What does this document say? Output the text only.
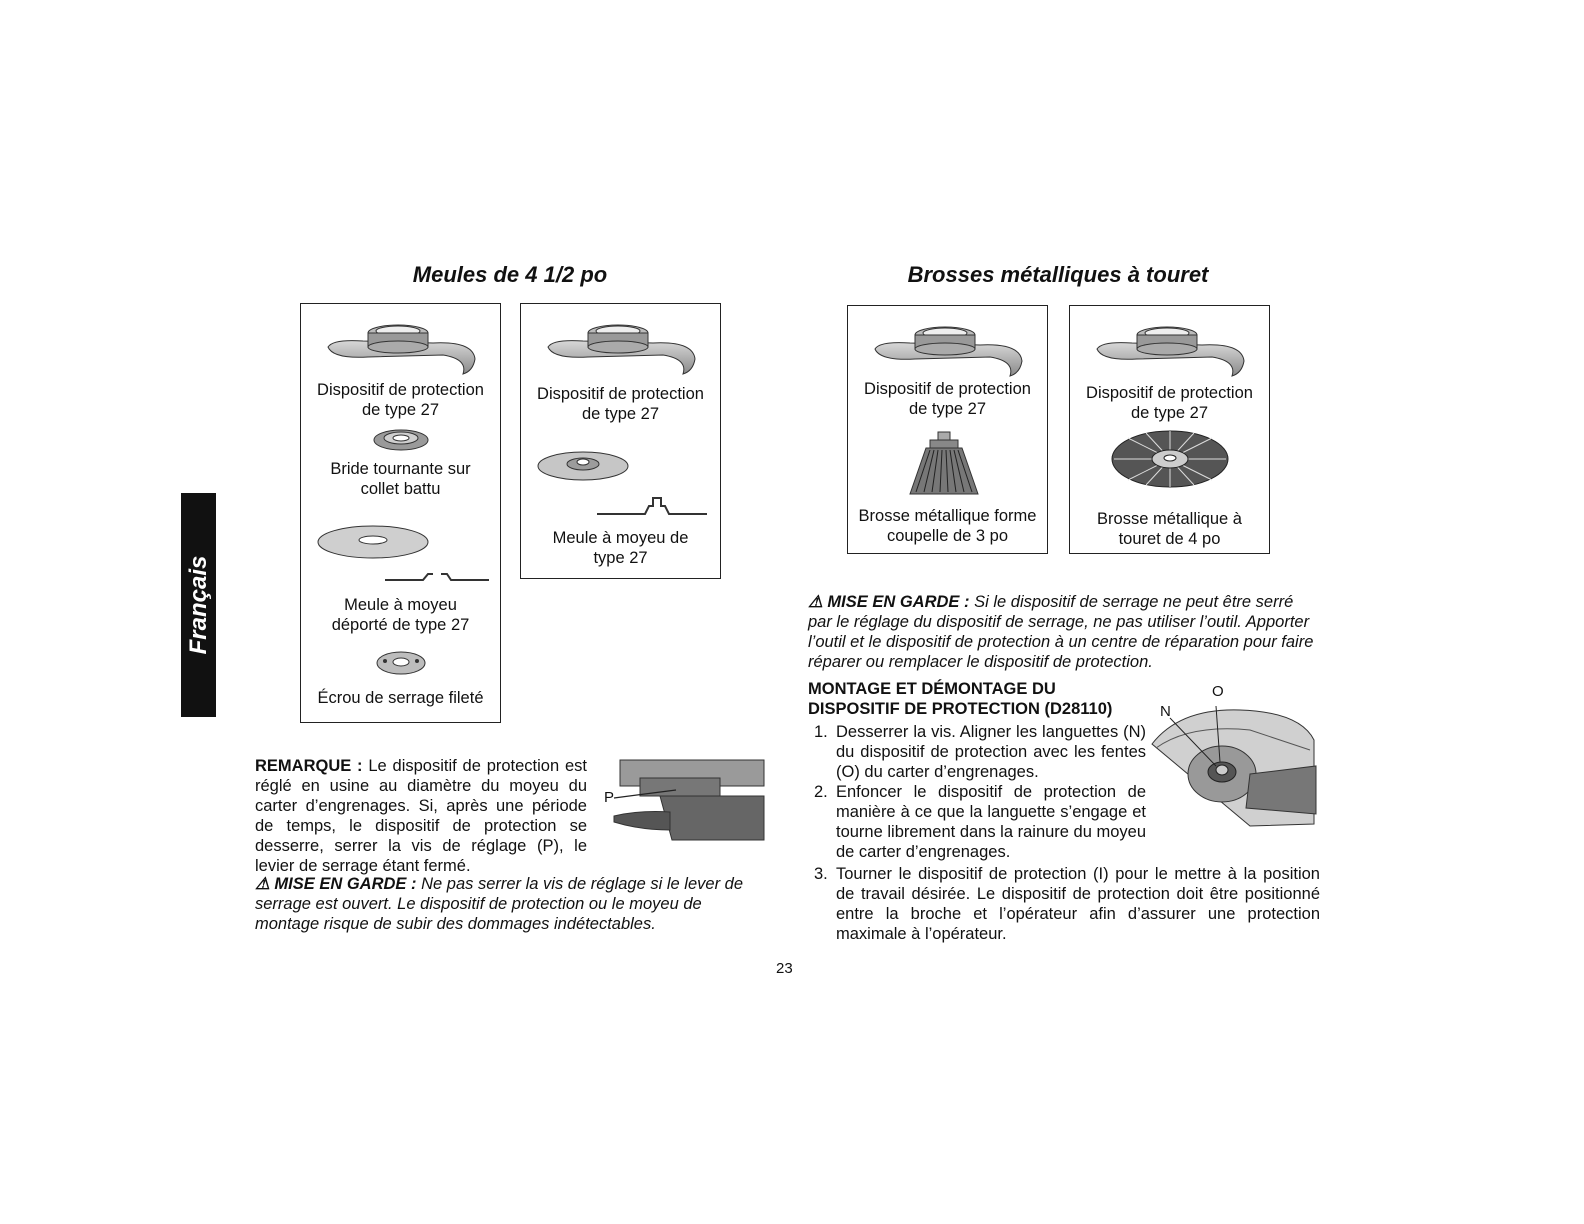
Français
Meules de 4 1/2 po	Brosses métalliques à touret
Dispositif de protection de type 27
Bride tournante sur collet battu
Meule à moyeu déporté de type 27
Écrou de serrage fileté
Dispositif de protection de type 27
Meule à moyeu de type 27
Dispositif de protection de type 27
Brosse métallique forme coupelle de 3 po
Dispositif de protection de type 27
Brosse métallique à touret de 4 po
REMARQUE : Le dispositif de protection est réglé en usine au diamètre du moyeu du carter d’engrenages. Si, après une période de temps, le dispositif de protection se desserre, serrer la vis de réglage (P), le levier de serrage étant fermé.
P
⚠ MISE EN GARDE : Ne pas serrer la vis de réglage si le lever de serrage est ouvert. Le dispositif de protection ou le moyeu de montage risque de subir des dommages indétectables.
⚠ MISE EN GARDE : Si le dispositif de serrage ne peut être serré par le réglage du dispositif de serrage, ne pas utiliser l’outil. Apporter l’outil et le dispositif de protection à un centre de réparation pour faire réparer ou remplacer le dispositif de protection.
MONTAGE ET DÉMONTAGE DU
DISPOSITIF DE PROTECTION (D28110)
O
N
1. Desserrer la vis. Aligner les languettes (N) du dispositif de protection avec les fentes (O) du carter d’engrenages.
2. Enfoncer le dispositif de protection de manière à ce que la languette s’engage et tourne librement dans la rainure du moyeu de carter d’engrenages.
3. Tourner le dispositif de protection (I) pour le mettre à la position de travail désirée. Le dispositif de protection doit être positionné entre la broche et l’opérateur afin d’assurer une protection maximale à l’opérateur.
23
